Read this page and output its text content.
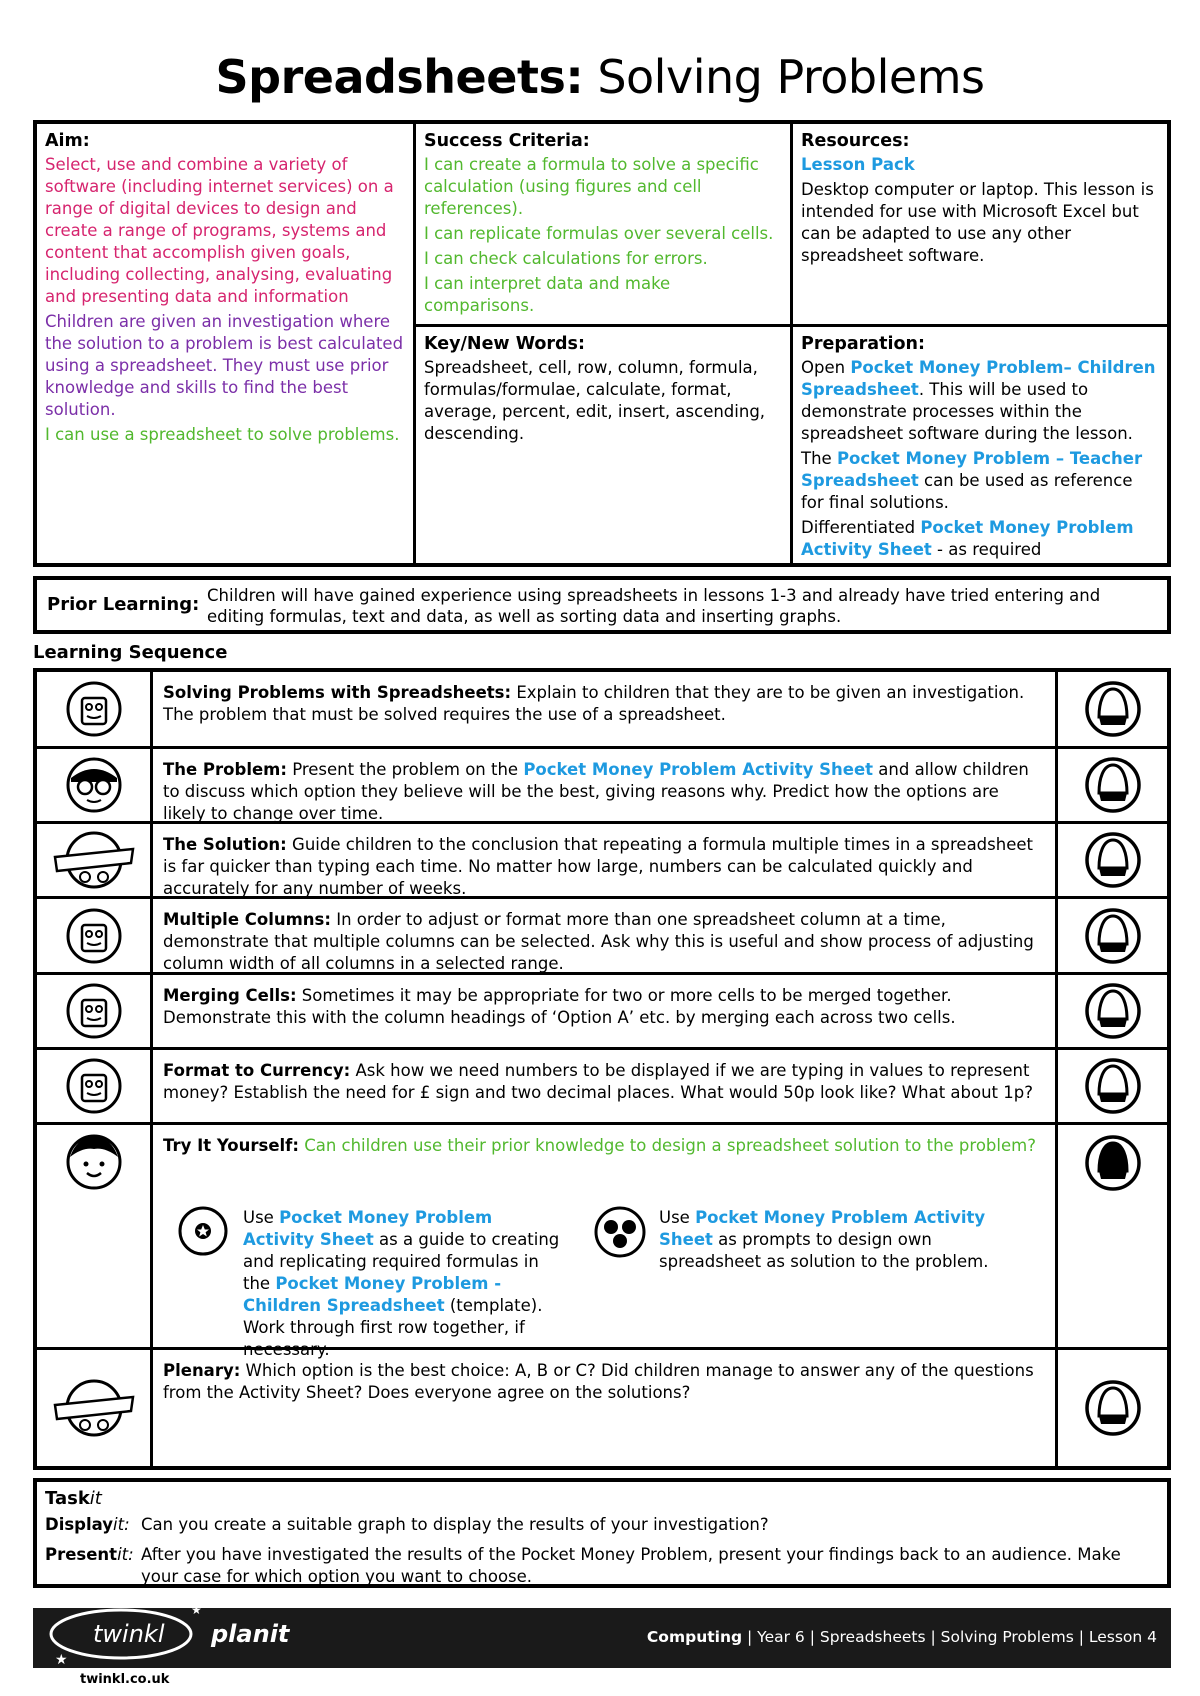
Spreadsheets: Solving Problems
Aim:
Select, use and combine a variety of software (including internet services) on a range of digital devices to design and create a range of programs, systems and content that accomplish given goals, including collecting, analysing, evaluating and presenting data and information
Children are given an investigation where the solution to a problem is best calculated using a spreadsheet. They must use prior knowledge and skills to find the best solution.
I can use a spreadsheet to solve problems.
Success Criteria:
I can create a formula to solve a specific calculation (using figures and cell references).
I can replicate formulas over several cells.
I can check calculations for errors.
I can interpret data and make comparisons.
Resources:
Lesson Pack
Desktop computer or laptop. This lesson is intended for use with Microsoft Excel but can be adapted to use any other spreadsheet software.
Key/New Words:
Spreadsheet, cell, row, column, formula, formulas/formulae, calculate, format, average, percent, edit, insert, ascending, descending.
Preparation:
Open Pocket Money Problem– Children Spreadsheet. This will be used to demonstrate processes within the spreadsheet software during the lesson.
The Pocket Money Problem – Teacher Spreadsheet can be used as reference for final solutions.
Differentiated Pocket Money Problem Activity Sheet - as required
Prior Learning: Children will have gained experience using spreadsheets in lessons 1-3 and already have tried entering and editing formulas, text and data, as well as sorting data and inserting graphs.
Learning Sequence
Solving Problems with Spreadsheets: Explain to children that they are to be given an investigation. The problem that must be solved requires the use of a spreadsheet.
The Problem: Present the problem on the Pocket Money Problem Activity Sheet and allow children to discuss which option they believe will be the best, giving reasons why. Predict how the options are likely to change over time.
The Solution: Guide children to the conclusion that repeating a formula multiple times in a spreadsheet is far quicker than typing each time. No matter how large, numbers can be calculated quickly and accurately for any number of weeks.
Multiple Columns: In order to adjust or format more than one spreadsheet column at a time, demonstrate that multiple columns can be selected. Ask why this is useful and show process of adjusting column width of all columns in a selected range.
Merging Cells: Sometimes it may be appropriate for two or more cells to be merged together. Demonstrate this with the column headings of ‘Option A’ etc. by merging each across two cells.
Format to Currency: Ask how we need numbers to be displayed if we are typing in values to represent money? Establish the need for £ sign and two decimal places. What would 50p look like? What about 1p?
Try It Yourself: Can children use their prior knowledge to design a spreadsheet solution to the problem?
Use Pocket Money Problem Activity Sheet as a guide to creating and replicating required formulas in the Pocket Money Problem - Children Spreadsheet (template). Work through first row together, if necessary.
Use Pocket Money Problem Activity Sheet as prompts to design own spreadsheet as solution to the problem.
Plenary: Which option is the best choice: A, B or C? Did children manage to answer any of the questions from the Activity Sheet? Does everyone agree on the solutions?
Taskit
Displayit: Can you create a suitable graph to display the results of your investigation?
Presentit: After you have investigated the results of the Pocket Money Problem, present your findings back to an audience. Make your case for which option you want to choose.
★
★
twinkl planit	Computing | Year 6 | Spreadsheets | Solving Problems | Lesson 4
twinkl.co.uk
